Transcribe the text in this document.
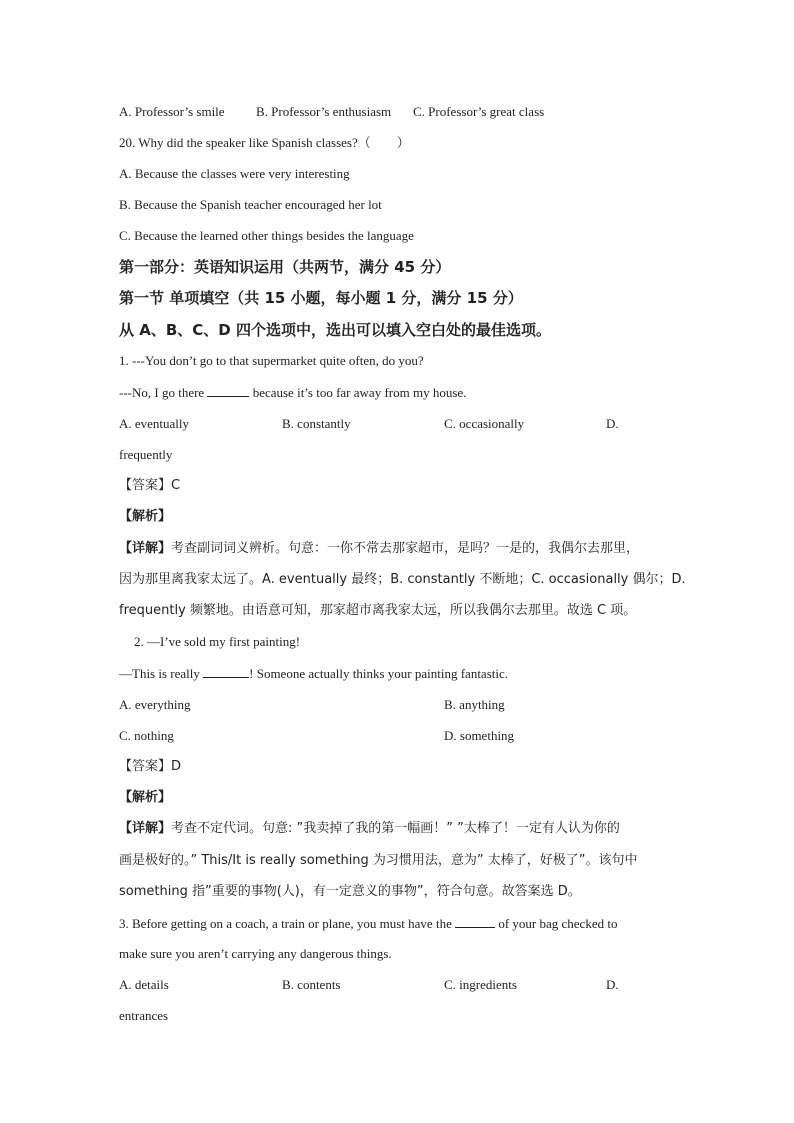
A. Professor’s smile B. Professor’s enthusiasm C. Professor’s great class
20. Why did the speaker like Spanish classes?（　　）
A. Because the classes were very interesting
B. Because the Spanish teacher encouraged her lot
C. Because the learned other things besides the language
第一部分：英语知识运用（共两节，满分 45 分）
第一节 单项填空（共 15 小题，每小题 1 分，满分 15 分）
从 A、B、C、D 四个选项中，选出可以填入空白处的最佳选项。
1. ---You don’t go to that supermarket quite often, do you?
---No, I go there	because it’s too far away from my house.
A. eventually	B. constantly	C. occasionally	D.
frequently
【答案】C
【解析】
【详解】考查副词词义辨析。句意：一你不常去那家超市，是吗？一是的，我偶尔去那里，
因为那里离我家太远了。A. eventually 最终；B. constantly 不断地；C. occasionally 偶尔；D.
frequently 频繁地。由语意可知，那家超市离我家太远，所以我偶尔去那里。故选 C 项。
2. —I’ve sold my first painting!
—This is really	! Someone actually thinks your painting fantastic.
A. everything	B. anything
C. nothing	D. something
【答案】D
【解析】
【详解】考查不定代词。句意: ”我卖掉了我的第一幅画！” ”太棒了！一定有人认为你的
画是极好的。” This/It is really something 为习惯用法，意为” 太棒了，好极了”。该句中
something 指”重要的事物(人)，有一定意义的事物”，符合句意。故答案选 D。
3. Before getting on a coach, a train or plane, you must have the	of your bag checked to
make sure you aren’t carrying any dangerous things.
A. details	B. contents	C. ingredients	D.
entrances
